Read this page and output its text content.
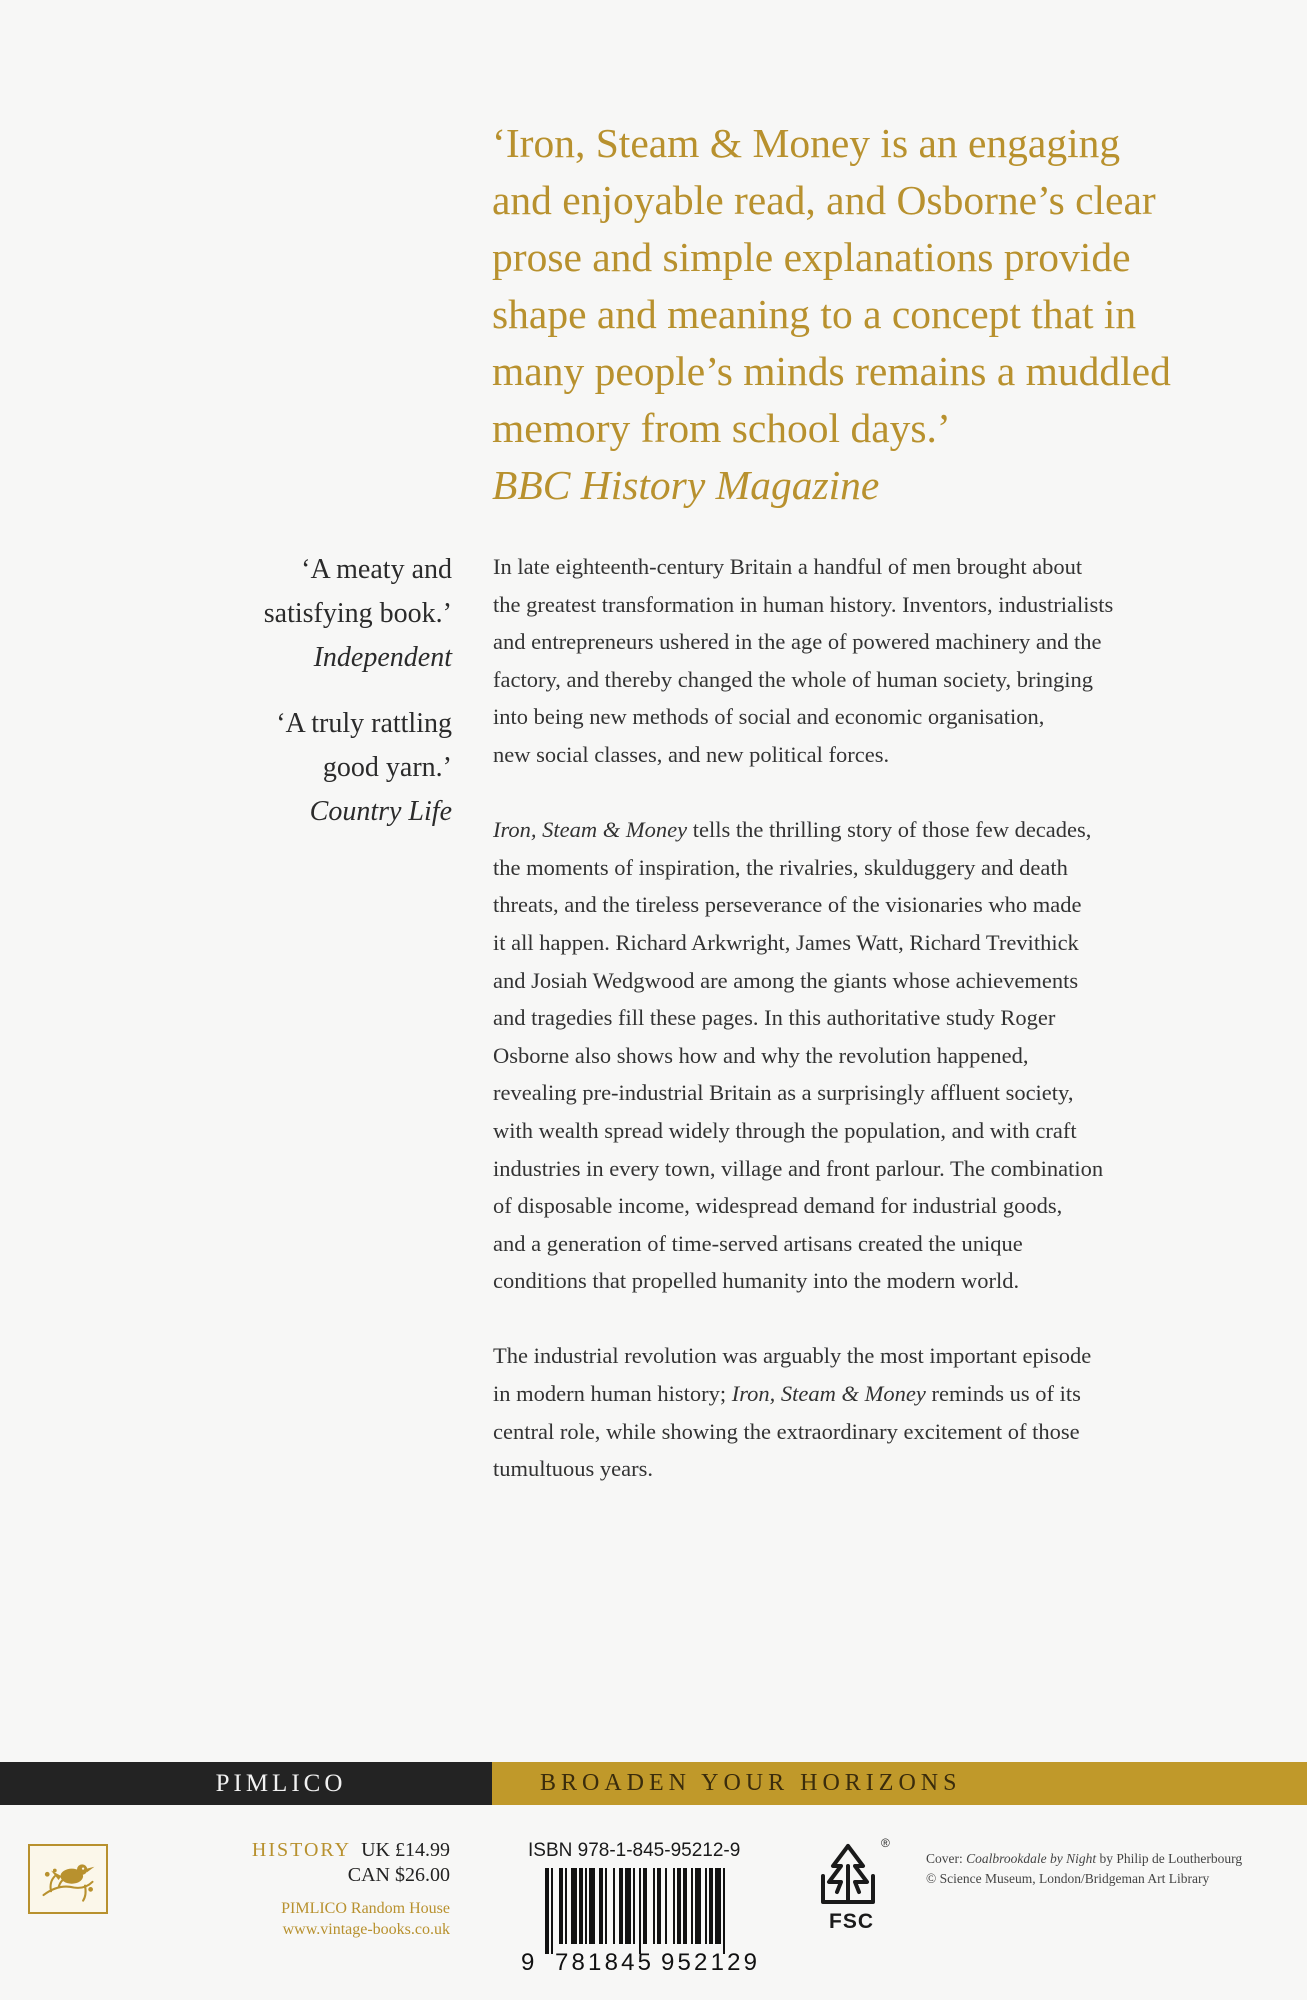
‘Iron, Steam & Money is an engaging
and enjoyable read, and Osborne’s clear
prose and simple explanations provide
shape and meaning to a concept that in
many people’s minds remains a muddled
memory from school days.’
BBC History Magazine
‘A meaty and
satisfying book.’
Independent
‘A truly rattling
good yarn.’
Country Life

In late eighteenth-century Britain a handful of men brought about
the greatest transformation in human history. Inventors, industrialists
and entrepreneurs ushered in the age of powered machinery and the
factory, and thereby changed the whole of human society, bringing
into being new methods of social and economic organisation,
new social classes, and new political forces.

Iron, Steam & Money tells the thrilling story of those few decades,
the moments of inspiration, the rivalries, skulduggery and death
threats, and the tireless perseverance of the visionaries who made
it all happen. Richard Arkwright, James Watt, Richard Trevithick
and Josiah Wedgwood are among the giants whose achievements
and tragedies fill these pages. In this authoritative study Roger
Osborne also shows how and why the revolution happened,
revealing pre-industrial Britain as a surprisingly affluent society,
with wealth spread widely through the population, and with craft
industries in every town, village and front parlour. The combination
of disposable income, widespread demand for industrial goods,
and a generation of time-served artisans created the unique
conditions that propelled humanity into the modern world.

The industrial revolution was arguably the most important episode
in modern human history; Iron, Steam & Money reminds us of its
central role, while showing the extraordinary excitement of those
tumultuous years.

PIMLICO	BROADEN YOUR HORIZONS
HISTORY UK £14.99
CAN $26.00
PIMLICO Random House
www.vintage-books.co.uk
ISBN 978-1-845-95212-9
9 781845 952129
®
FSC
Cover: Coalbrookdale by Night by Philip de Loutherbourg
© Science Museum, London/Bridgeman Art Library
